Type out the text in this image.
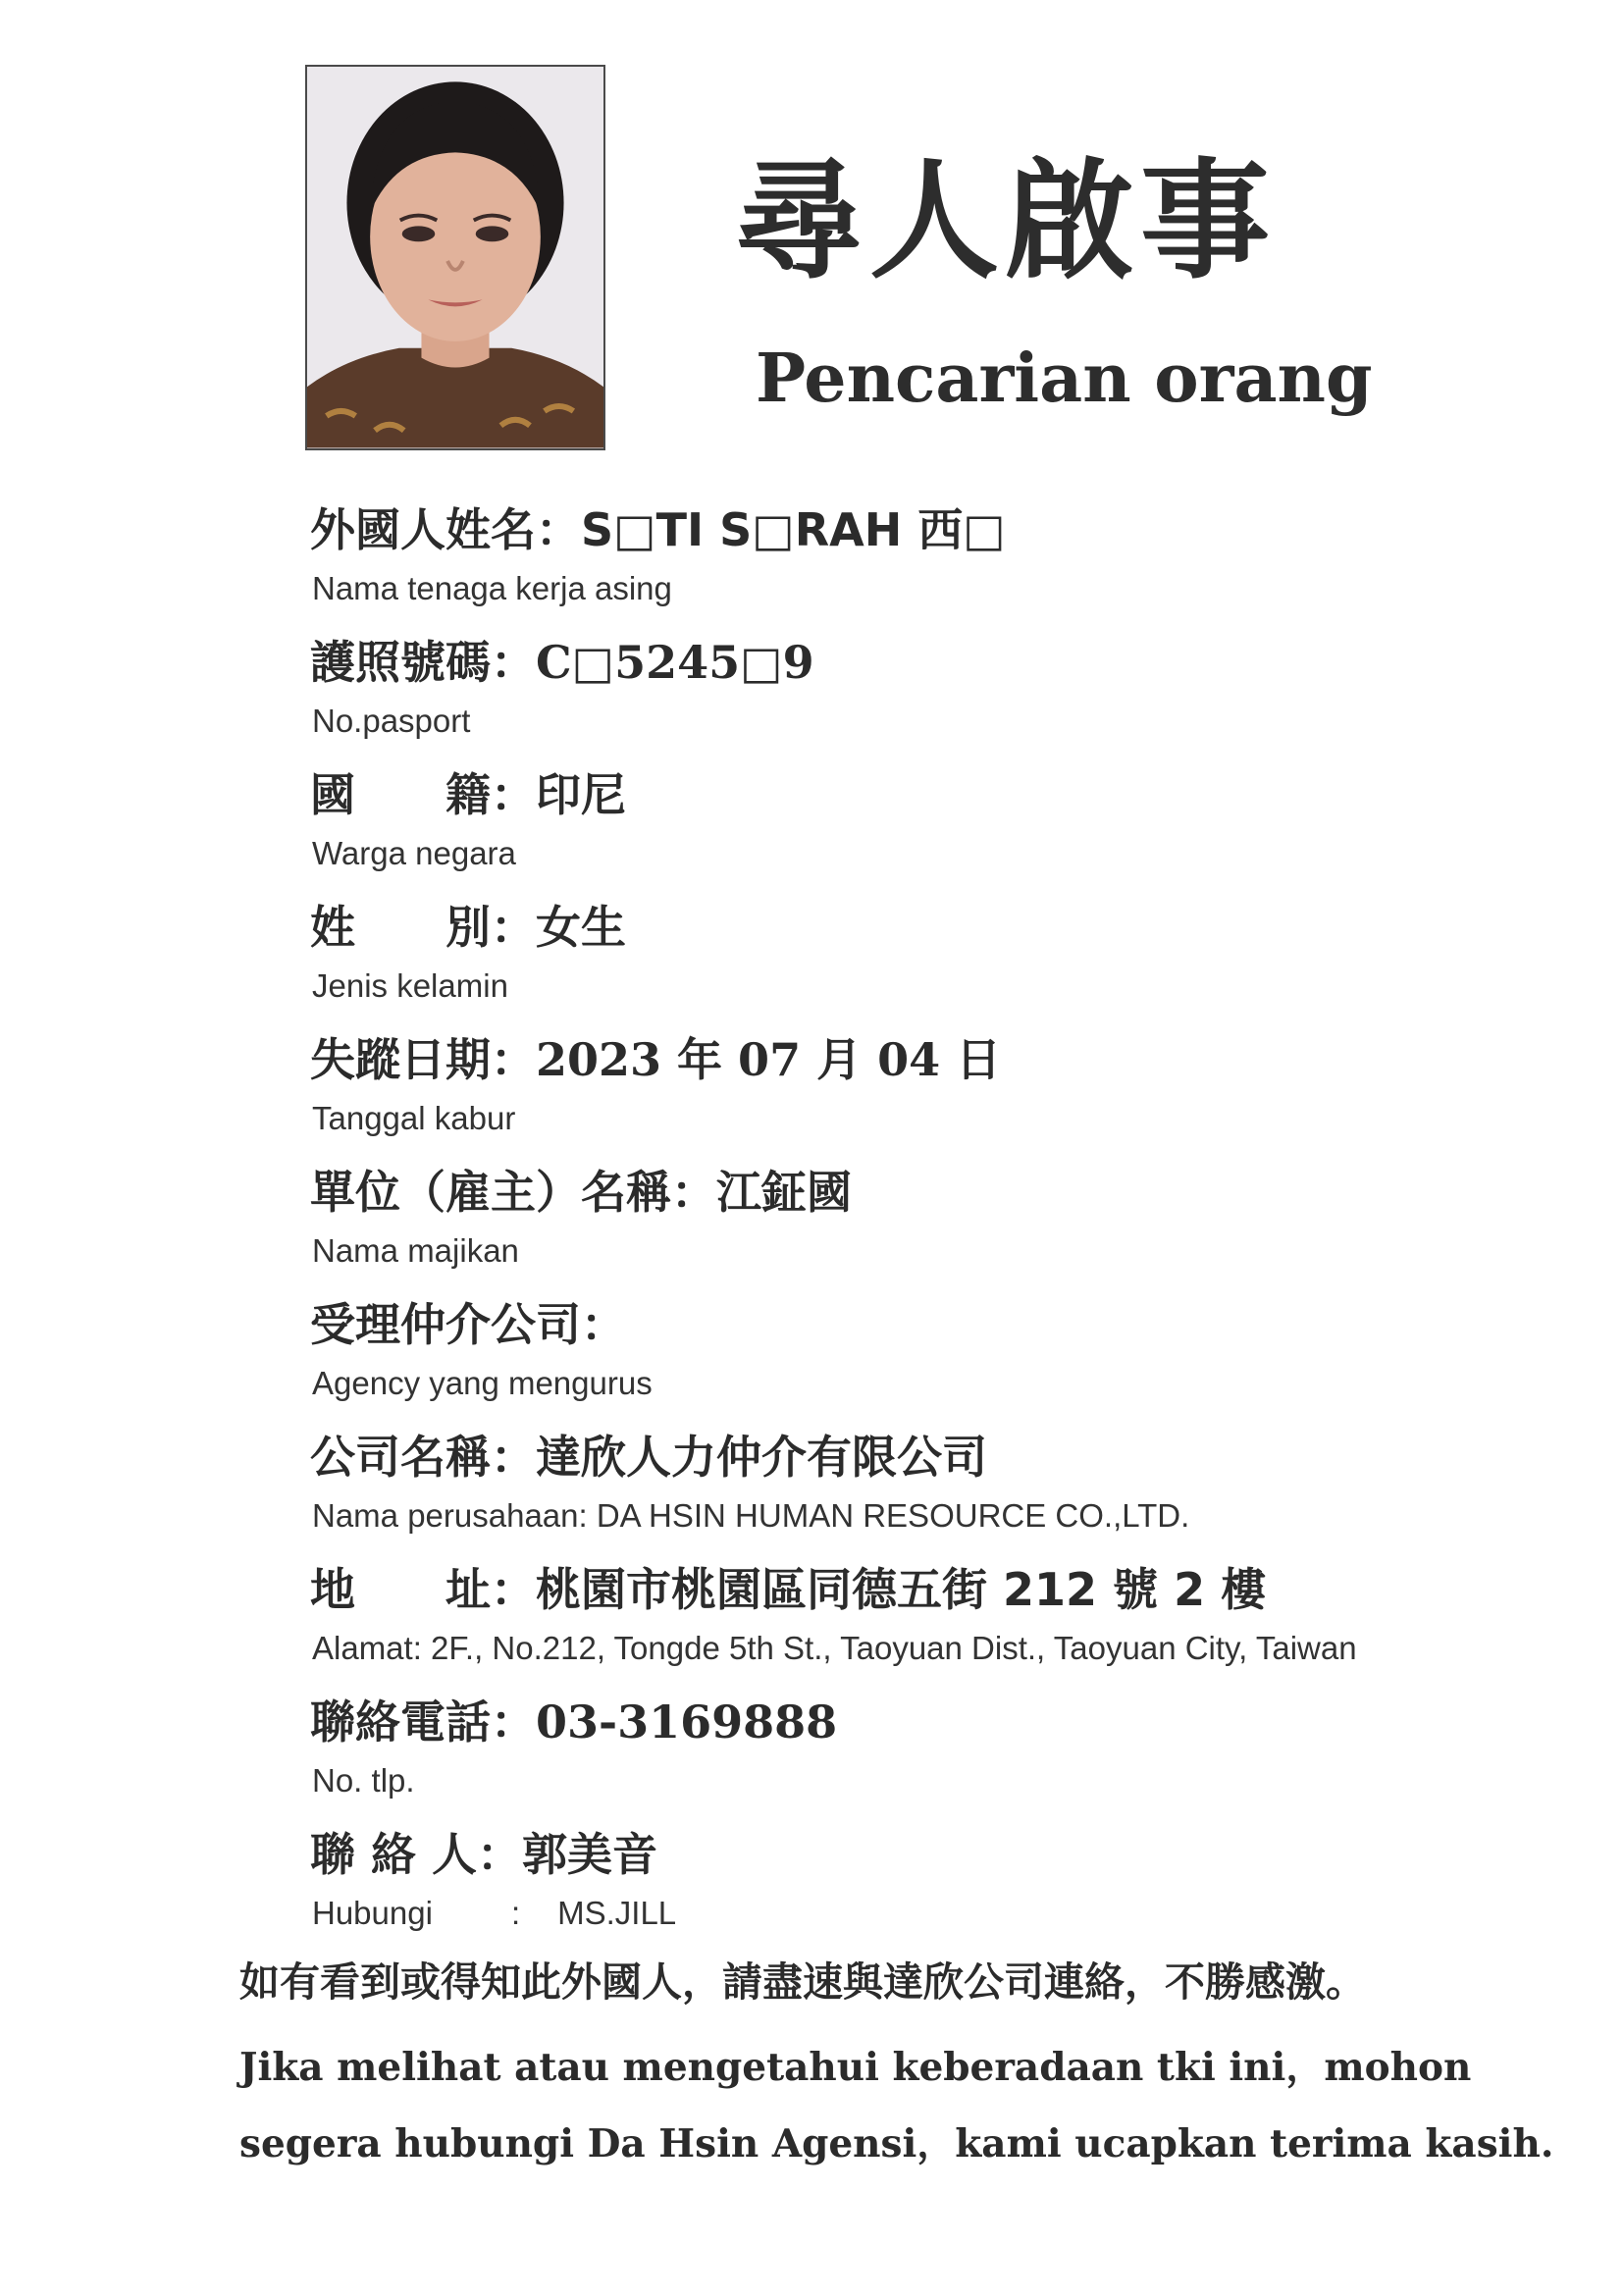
尋人啟事
Pencarian orang
外國人姓名：S□TI S□RAH 西□
Nama tenaga kerja asing
護照號碼：C□5245□9
No.pasport
國　　籍：印尼
Warga negara
姓　　別：女生
Jenis kelamin
失蹤日期：2023 年 07 月 04 日
Tanggal kabur
單位（雇主）名稱：江鉦國
Nama majikan
受理仲介公司：
Agency yang mengurus
公司名稱：達欣人力仲介有限公司
Nama perusahaan: DA HSIN HUMAN RESOURCE CO.,LTD.
地　　址：桃園市桃園區同德五街 212 號 2 樓
Alamat: 2F., No.212, Tongde 5th St., Taoyuan Dist., Taoyuan City, Taiwan
聯絡電話：03-3169888
No. tlp.
聯 絡 人：郭美音
Hubungi : MS.JILL
如有看到或得知此外國人，請盡速與達欣公司連絡，不勝感激。
Jika melihat atau mengetahui keberadaan tki ini，mohon segera hubungi Da Hsin Agensi，kami ucapkan terima kasih.
